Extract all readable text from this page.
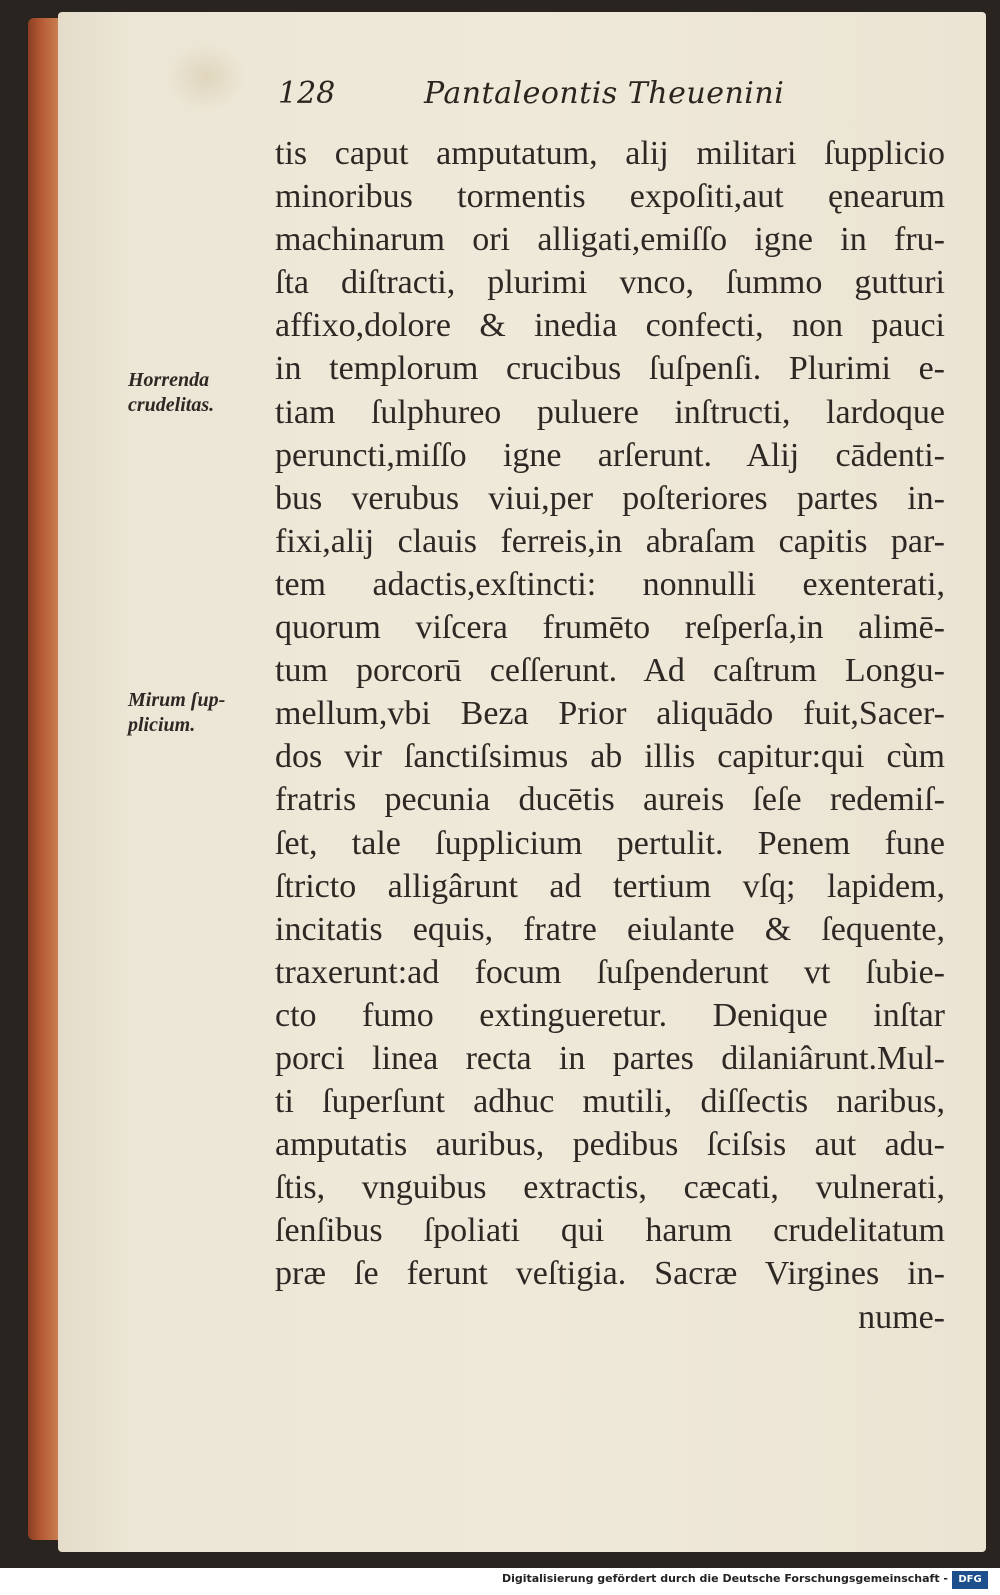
128	Pantaleontis Theuenini
Horrenda
crudelitas.
Mirum ſup-
plicium.
tis caput amputatum, alij militari ſupplicio
minoribus tormentis expoſiti,aut ęnearum
machinarum ori alligati,emiſſo igne in fru-
ſta diſtracti, plurimi vnco, ſummo gutturi
affixo,dolore & inedia confecti, non pauci
in templorum crucibus ſuſpenſi. Plurimi e-
tiam ſulphureo puluere inſtructi, lardoque
peruncti,miſſo igne arſerunt. Alij cādenti-
bus verubus viui,per poſteriores partes in-
fixi,alij clauis ferreis,in abraſam capitis par-
tem adactis,exſtincti: nonnulli exenterati,
quorum viſcera frumēto reſperſa,in alimē-
tum porcorū ceſſerunt. Ad caſtrum Longu-
mellum,vbi Beza Prior aliquādo fuit,Sacer-
dos vir ſanctiſsimus ab illis capitur:qui cùm
fratris pecunia ducētis aureis ſeſe redemiſ-
ſet, tale ſupplicium pertulit. Penem fune
ſtricto alligârunt ad tertium vſq; lapidem,
incitatis equis, fratre eiulante & ſequente,
traxerunt:ad focum ſuſpenderunt vt ſubie-
cto fumo extingueretur. Denique inſtar
porci linea recta in partes dilaniârunt.Mul-
ti ſuperſunt adhuc mutili, diſſectis naribus,
amputatis auribus, pedibus ſciſsis aut adu-
ſtis, vnguibus extractis, cæcati, vulnerati,
ſenſibus ſpoliati qui harum crudelitatum
præ ſe ferunt veſtigia. Sacræ Virgines in-
nume-
Digitalisierung gefördert durch die Deutsche Forschungsgemeinschaft -	DFG
